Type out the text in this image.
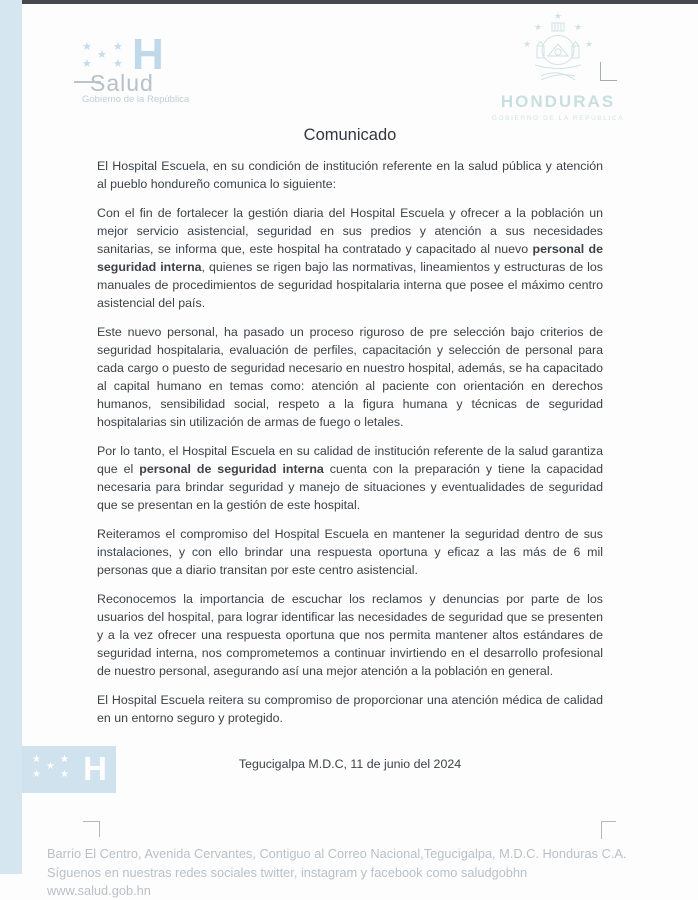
★ ★
★
★ ★ H
Salud
Gobierno de la República
★
★	★
★	★
HONDURAS
GOBIERNO DE LA REPÚBLICA
Comunicado

El Hospital Escuela, en su condición de institución referente en la salud pública y atención al pueblo hondureño comunica lo siguiente:

Con el fin de fortalecer la gestión diaria del Hospital Escuela y ofrecer a la población un mejor servicio asistencial, seguridad en sus predios y atención a sus necesidades sanitarias, se informa que, este hospital ha contratado y capacitado al nuevo personal de seguridad interna, quienes se rigen bajo las normativas, lineamientos y estructuras de los manuales de procedimientos de seguridad hospitalaria interna que posee el máximo centro asistencial del país.

Este nuevo personal, ha pasado un proceso riguroso de pre selección bajo criterios de seguridad hospitalaria, evaluación de perfiles, capacitación y selección de personal para cada cargo o puesto de seguridad necesario en nuestro hospital, además, se ha capacitado al capital humano en temas como: atención al paciente con orientación en derechos humanos, sensibilidad social, respeto a la figura humana y técnicas de seguridad hospitalarias sin utilización de armas de fuego o letales.

Por lo tanto, el Hospital Escuela en su calidad de institución referente de la salud garantiza que el personal de seguridad interna cuenta con la preparación y tiene la capacidad necesaria para brindar seguridad y manejo de situaciones y eventualidades de seguridad que se presentan en la gestión de este hospital.

Reiteramos el compromiso del Hospital Escuela en mantener la seguridad dentro de sus instalaciones, y con ello brindar una respuesta oportuna y eficaz a las más de 6 mil personas que a diario transitan por este centro asistencial.

Reconocemos la importancia de escuchar los reclamos y denuncias por parte de los usuarios del hospital, para lograr identificar las necesidades de seguridad que se presenten y a la vez ofrecer una respuesta oportuna que nos permita mantener altos estándares de seguridad interna, nos comprometemos a continuar invirtiendo en el desarrollo profesional de nuestro personal, asegurando así una mejor atención a la población en general.

El Hospital Escuela reitera su compromiso de proporcionar una atención médica de calidad en un entorno seguro y protegido.

Tegucigalpa M.D.C, 11 de junio del 2024
★ ★
★
★ ★ H
Barrio El Centro, Avenida Cervantes, Contiguo al Correo Nacional,Tegucigalpa, M.D.C. Honduras C.A.
Síguenos en nuestras redes sociales twitter, instagram y facebook como saludgobhn
www.salud.gob.hn
